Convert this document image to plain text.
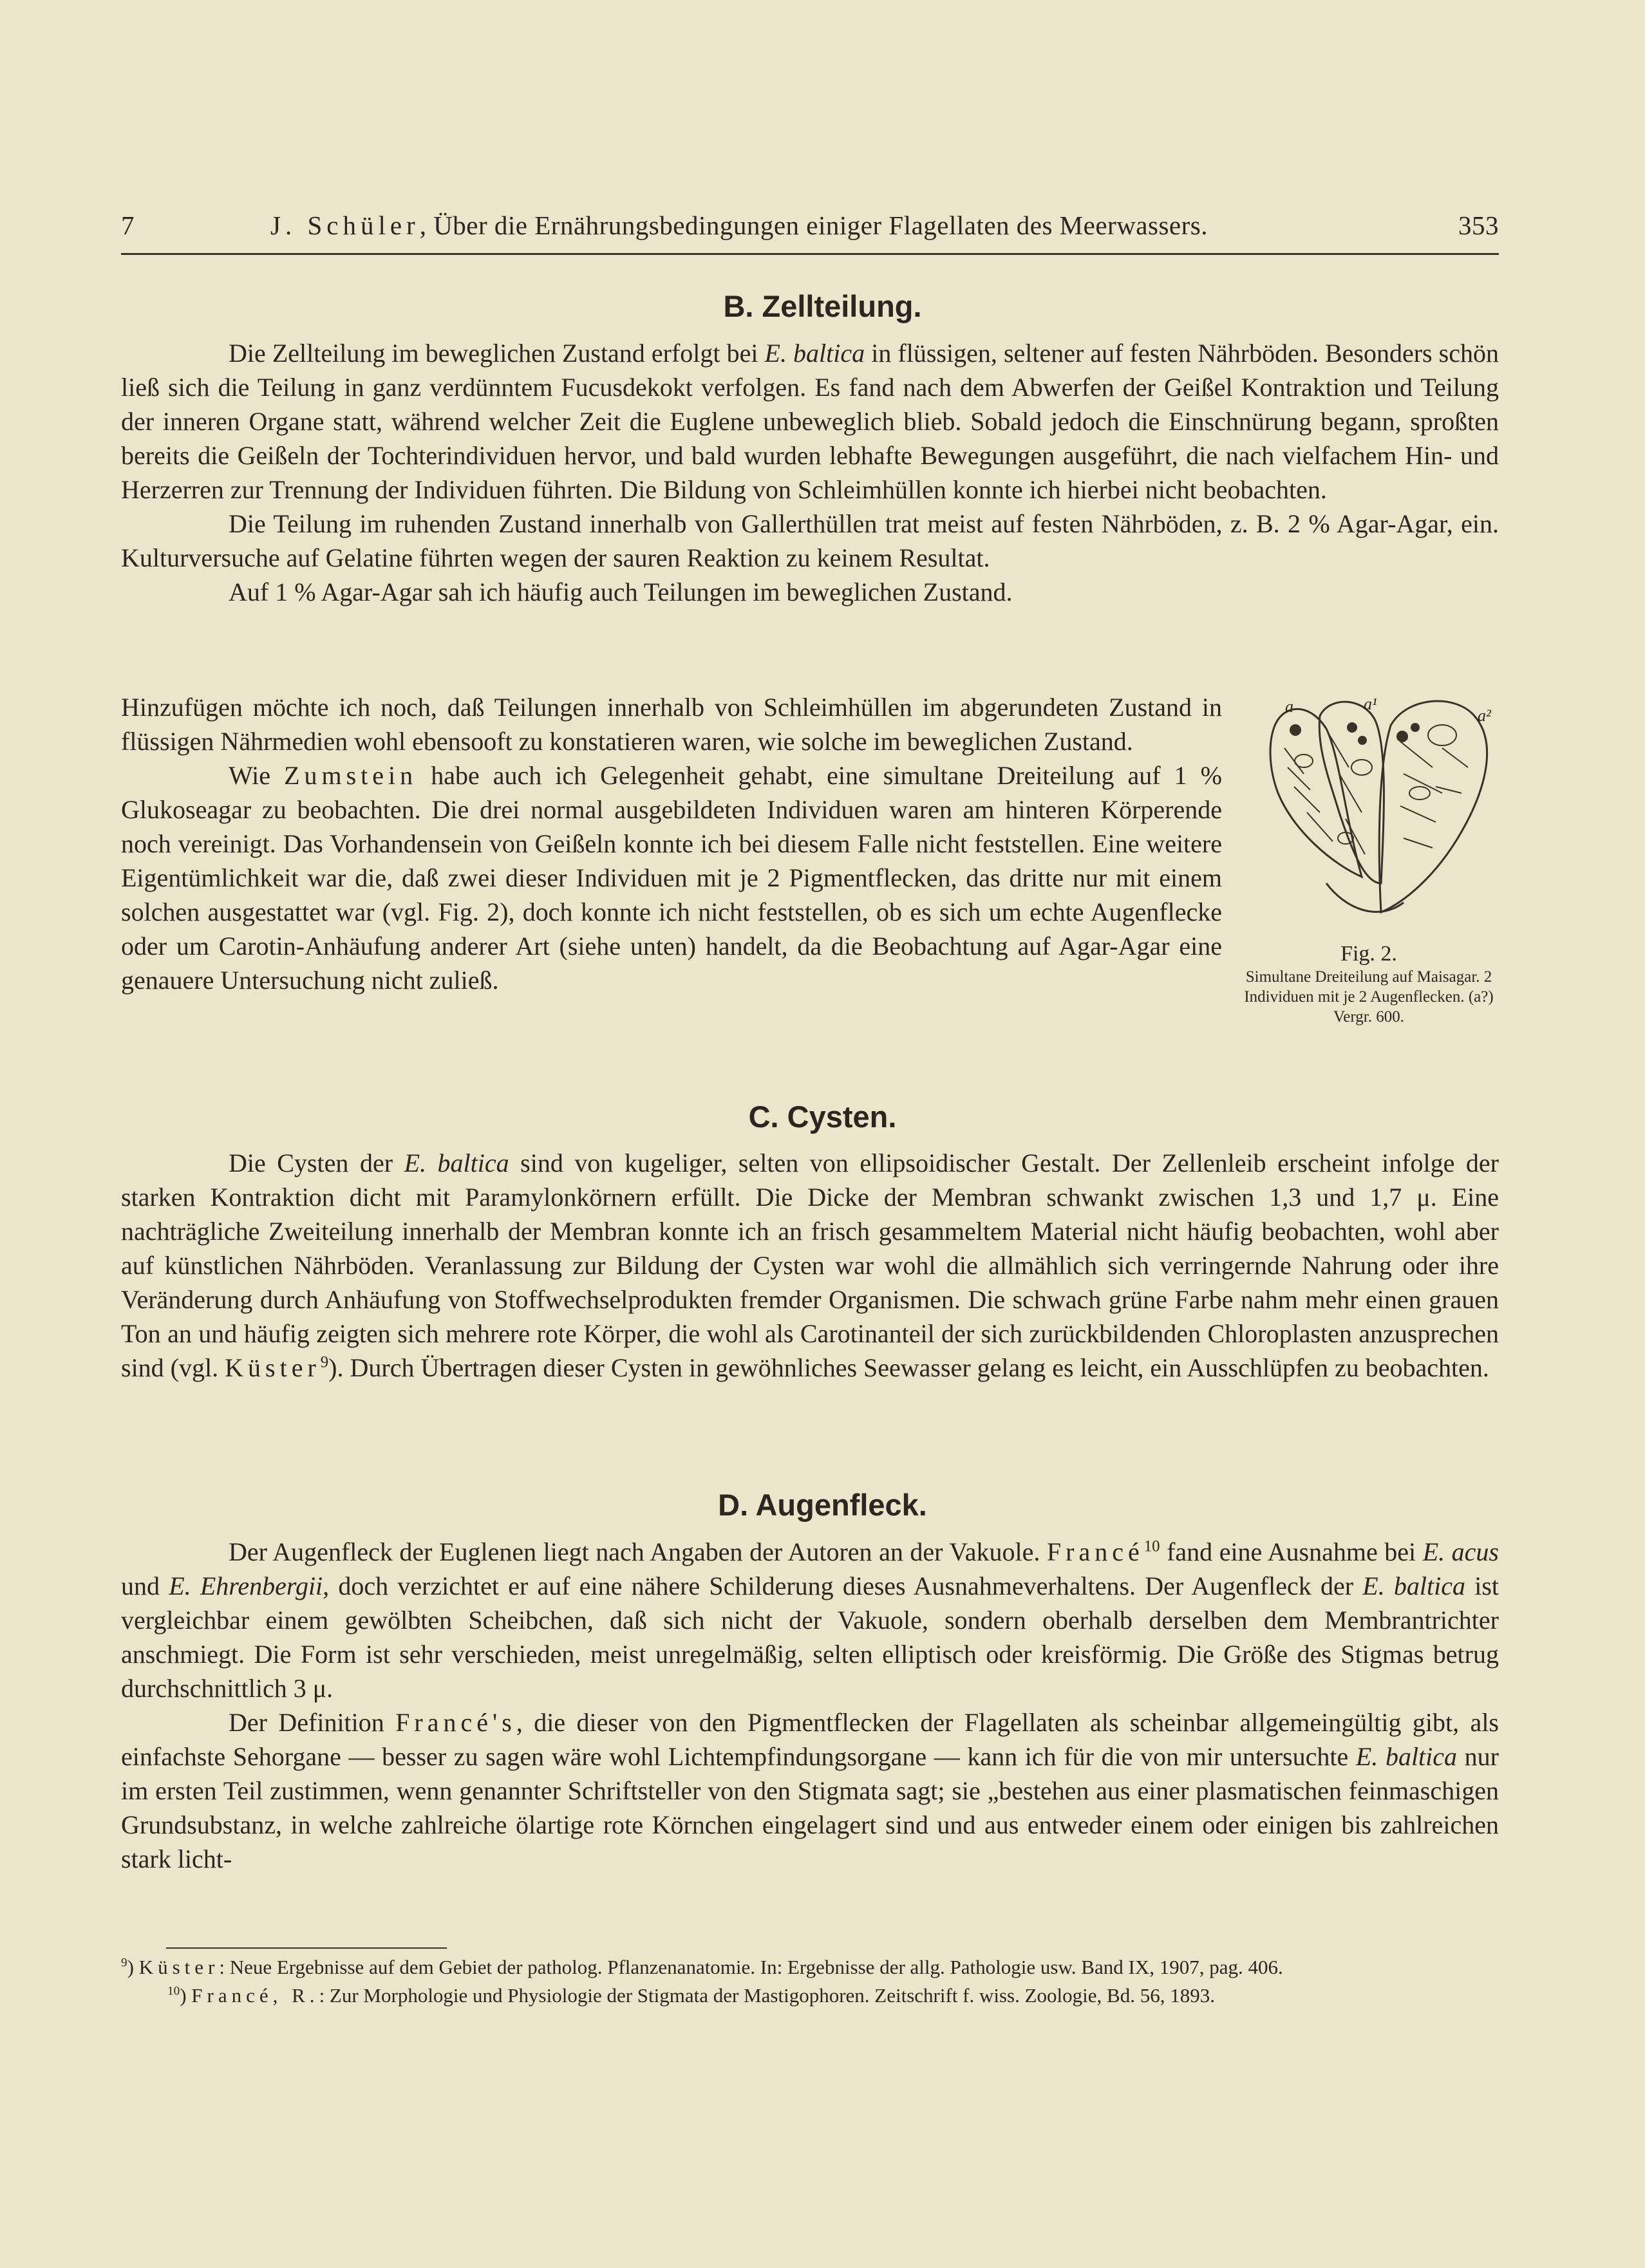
7	J. Schüler, Über die Ernährungsbedingungen einiger Flagellaten des Meerwassers.	353
B. Zellteilung.

Die Zellteilung im beweglichen Zustand erfolgt bei E. baltica in flüssigen, seltener auf festen Nährböden. Besonders schön ließ sich die Teilung in ganz verdünntem Fucusdekokt verfolgen. Es fand nach dem Abwerfen der Geißel Kontraktion und Teilung der inneren Organe statt, während welcher Zeit die Euglene unbeweglich blieb. Sobald jedoch die Einschnürung begann, sproßten bereits die Geißeln der Tochterindividuen hervor, und bald wurden lebhafte Bewegungen ausgeführt, die nach vielfachem Hin- und Herzerren zur Trennung der Individuen führten. Die Bildung von Schleimhüllen konnte ich hierbei nicht beobachten.

Die Teilung im ruhenden Zustand innerhalb von Gallerthüllen trat meist auf festen Nährböden, z. B. 2 % Agar-Agar, ein. Kulturversuche auf Gelatine führten wegen der sauren Reaktion zu keinem Resultat.

Auf 1 % Agar-Agar sah ich häufig auch Teilungen im beweglichen Zustand.

Hinzufügen möchte ich noch, daß Teilungen innerhalb von Schleimhüllen im abgerundeten Zustand in flüssigen Nährmedien wohl ebensooft zu konstatieren waren, wie solche im beweglichen Zustand.

Wie Zumstein habe auch ich Gelegenheit gehabt, eine simultane Dreiteilung auf 1 % Glukoseagar zu beobachten. Die drei normal ausgebildeten Individuen waren am hinteren Körperende noch vereinigt. Das Vorhandensein von Geißeln konnte ich bei diesem Falle nicht feststellen. Eine weitere Eigentümlichkeit war die, daß zwei dieser Individuen mit je 2 Pigmentflecken, das dritte nur mit einem solchen ausgestattet war (vgl. Fig. 2), doch konnte ich nicht feststellen, ob es sich um echte Augenflecke oder um Carotin-Anhäufung anderer Art (siehe unten) handelt, da die Beobachtung auf Agar-Agar eine genauere Untersuchung nicht zuließ.

a	a¹
a²
Fig. 2.
Simultane Dreiteilung auf Maisagar. 2 Individuen mit je 2 Augenflecken. (a?)
Vergr. 600.
C. Cysten.

Die Cysten der E. baltica sind von kugeliger, selten von ellipsoidischer Gestalt. Der Zellenleib erscheint infolge der starken Kontraktion dicht mit Paramylonkörnern erfüllt. Die Dicke der Membran schwankt zwischen 1,3 und 1,7 μ. Eine nachträgliche Zweiteilung innerhalb der Membran konnte ich an frisch gesammeltem Material nicht häufig beobachten, wohl aber auf künstlichen Nährböden. Veranlassung zur Bildung der Cysten war wohl die allmählich sich verringernde Nahrung oder ihre Veränderung durch Anhäufung von Stoffwechselprodukten fremder Organismen. Die schwach grüne Farbe nahm mehr einen grauen Ton an und häufig zeigten sich mehrere rote Körper, die wohl als Carotinanteil der sich zurückbildenden Chloroplasten anzusprechen sind (vgl. Küster$^9$). Durch Übertragen dieser Cysten in gewöhnliches Seewasser gelang es leicht, ein Ausschlüpfen zu beobachten.

D. Augenfleck.

Der Augenfleck der Euglenen liegt nach Angaben der Autoren an der Vakuole. Francé$^{10}$ fand eine Ausnahme bei E. acus und E. Ehrenbergii, doch verzichtet er auf eine nähere Schilderung dieses Ausnahmeverhaltens. Der Augenfleck der E. baltica ist vergleichbar einem gewölbten Scheibchen, daß sich nicht der Vakuole, sondern oberhalb derselben dem Membrantrichter anschmiegt. Die Form ist sehr verschieden, meist unregelmäßig, selten elliptisch oder kreisförmig. Die Größe des Stigmas betrug durchschnittlich 3 μ.

Der Definition Francé's, die dieser von den Pigmentflecken der Flagellaten als scheinbar allgemeingültig gibt, als einfachste Sehorgane — besser zu sagen wäre wohl Lichtempfindungsorgane — kann ich für die von mir untersuchte E. baltica nur im ersten Teil zustimmen, wenn genannter Schriftsteller von den Stigmata sagt; sie „bestehen aus einer plasmatischen feinmaschigen Grundsubstanz, in welche zahlreiche ölartige rote Körnchen eingelagert sind und aus entweder einem oder einigen bis zahlreichen stark licht-

$^9$) Küster: Neue Ergebnisse auf dem Gebiet der patholog. Pflanzenanatomie. In: Ergebnisse der allg. Pathologie usw. Band IX, 1907, pag. 406.

$^{10}$) Francé, R.: Zur Morphologie und Physiologie der Stigmata der Mastigophoren. Zeitschrift f. wiss. Zoologie, Bd. 56, 1893.
